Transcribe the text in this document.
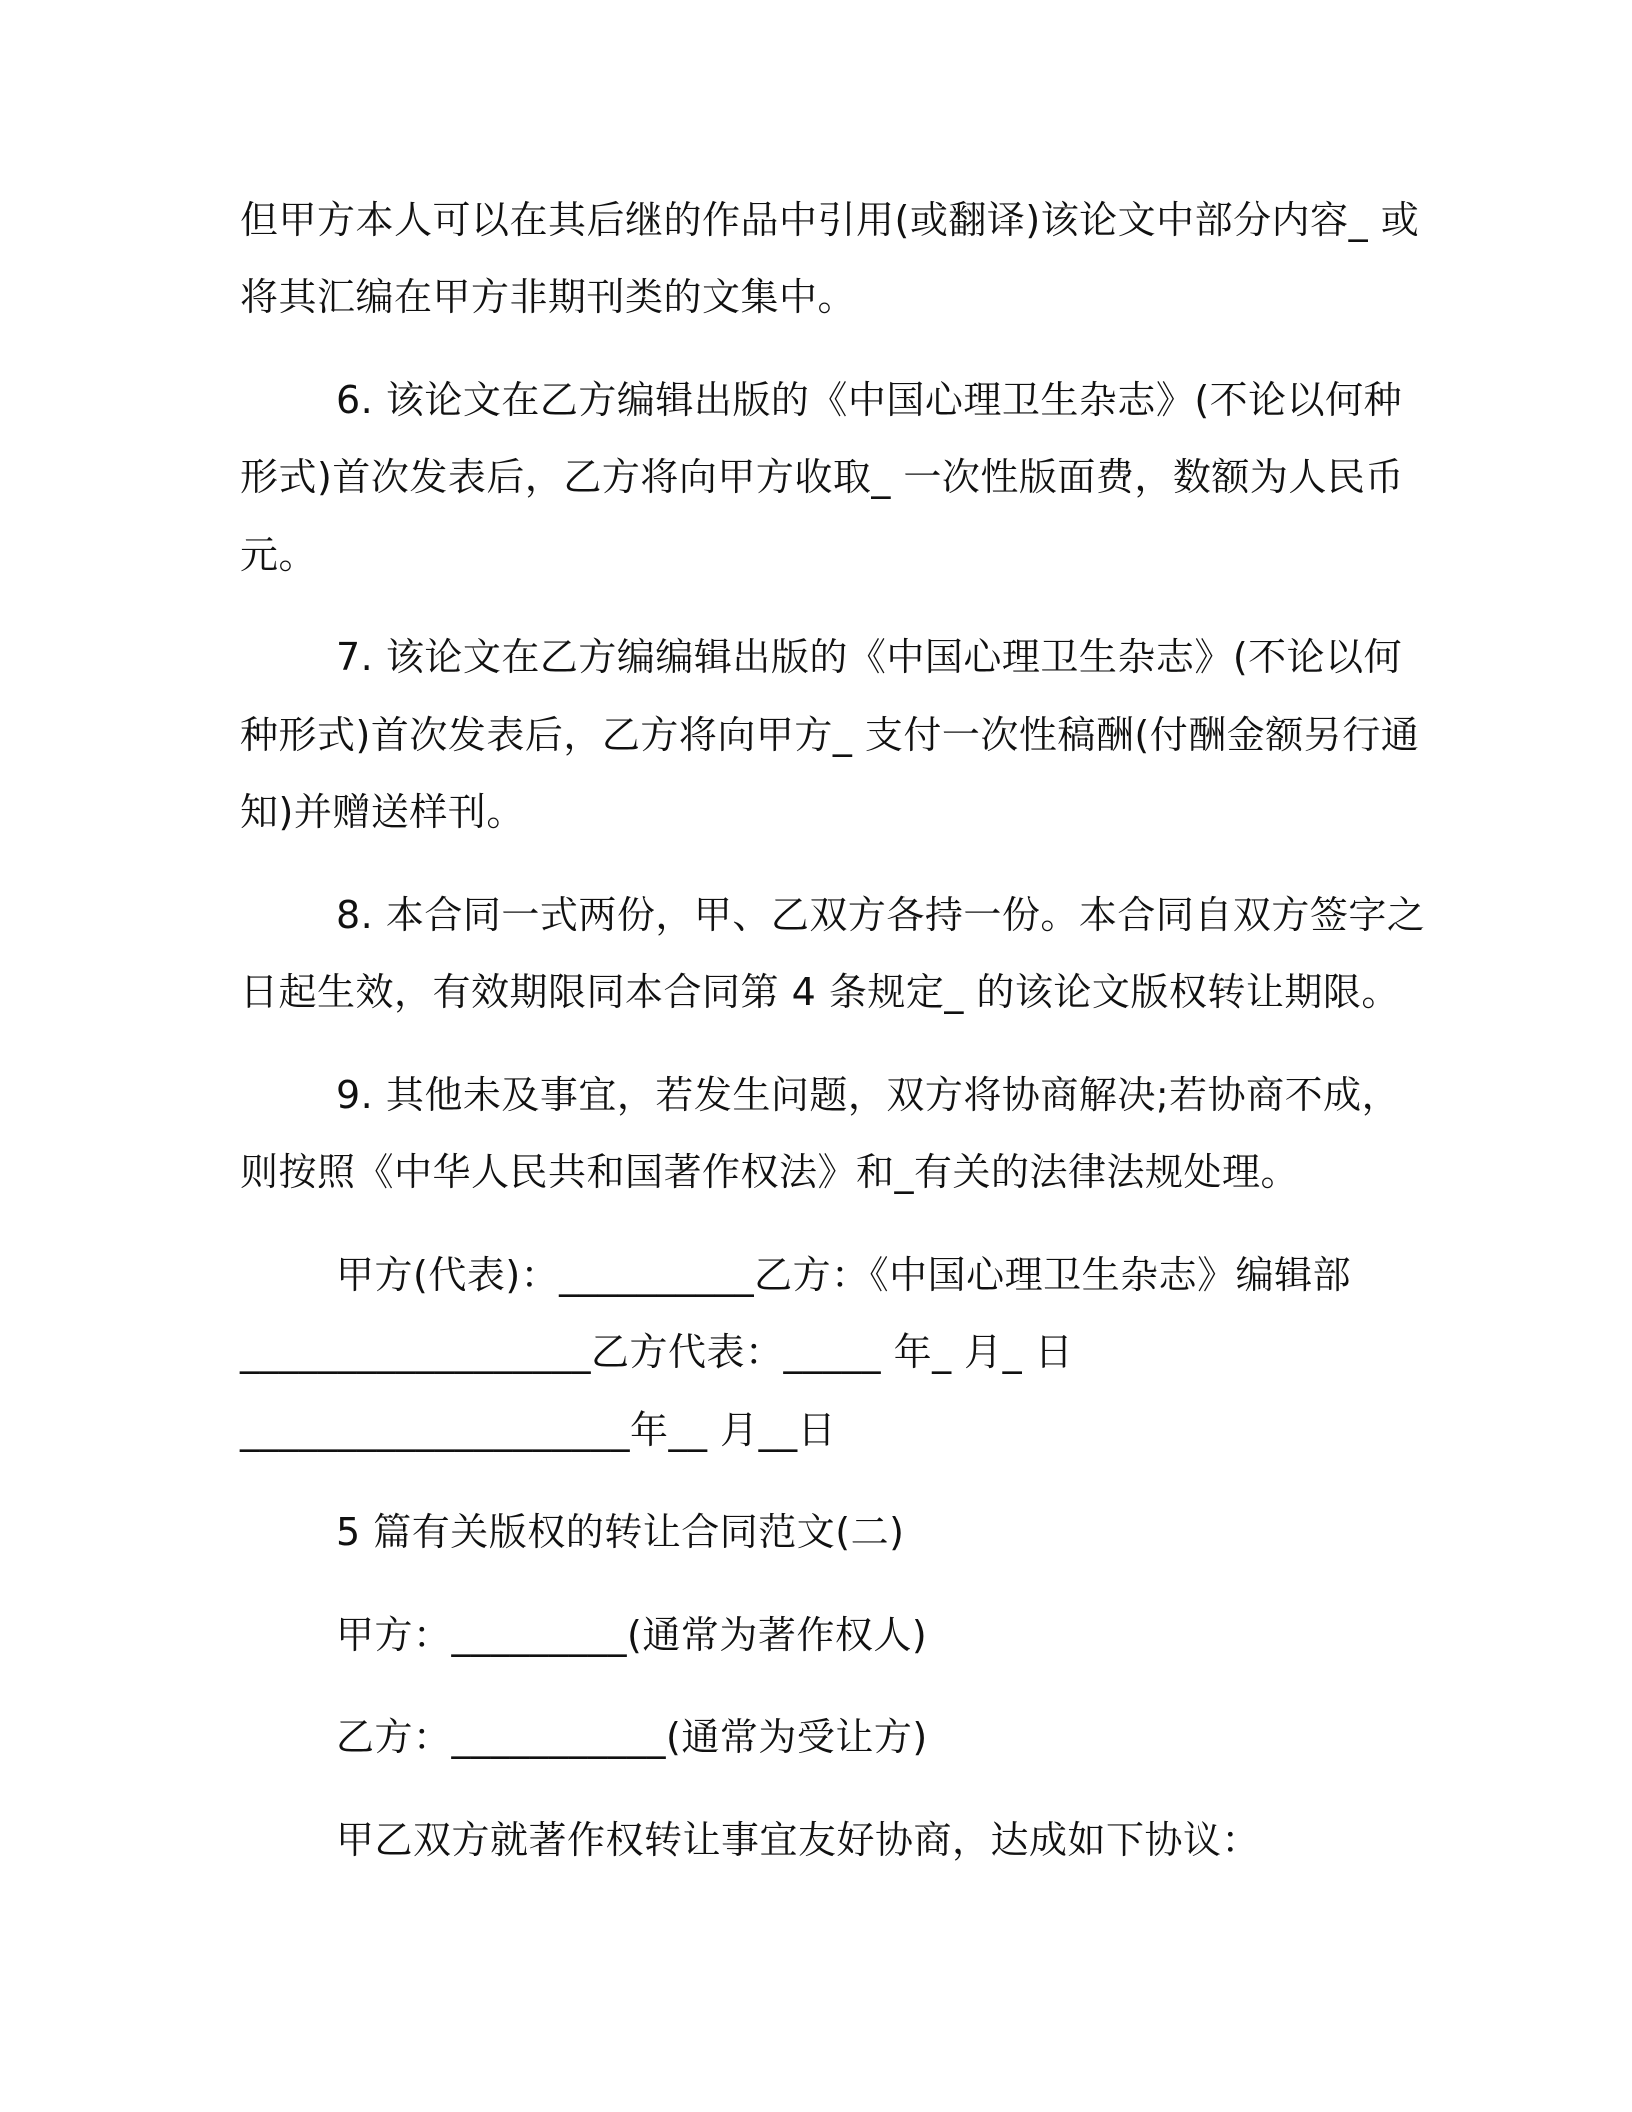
但甲方本人可以在其后继的作品中引用(或翻译)该论文中部分内容_ 或
将其汇编在甲方非期刊类的文集中。
6. 该论文在乙方编辑出版的《中国心理卫生杂志》(不论以何种
形式)首次发表后，乙方将向甲方收取_ 一次性版面费，数额为人民币
元。
7. 该论文在乙方编编辑出版的《中国心理卫生杂志》(不论以何
种形式)首次发表后，乙方将向甲方_ 支付一次性稿酬(付酬金额另行通
知)并赠送样刊。
8. 本合同一式两份，甲、乙双方各持一份。本合同自双方签字之
日起生效，有效期限同本合同第 4 条规定_ 的该论文版权转让期限。
9. 其他未及事宜，若发生问题，双方将协商解决;若协商不成，
则按照《中华人民共和国著作权法》和_有关的法律法规处理。
甲方(代表)：__________乙方：《中国心理卫生杂志》编辑部
__________________乙方代表：_____ 年_ 月_ 日
____________________年__ 月__日
5 篇有关版权的转让合同范文(二)
甲方：_________(通常为著作权人)
乙方：___________(通常为受让方)
甲乙双方就著作权转让事宜友好协商，达成如下协议：
